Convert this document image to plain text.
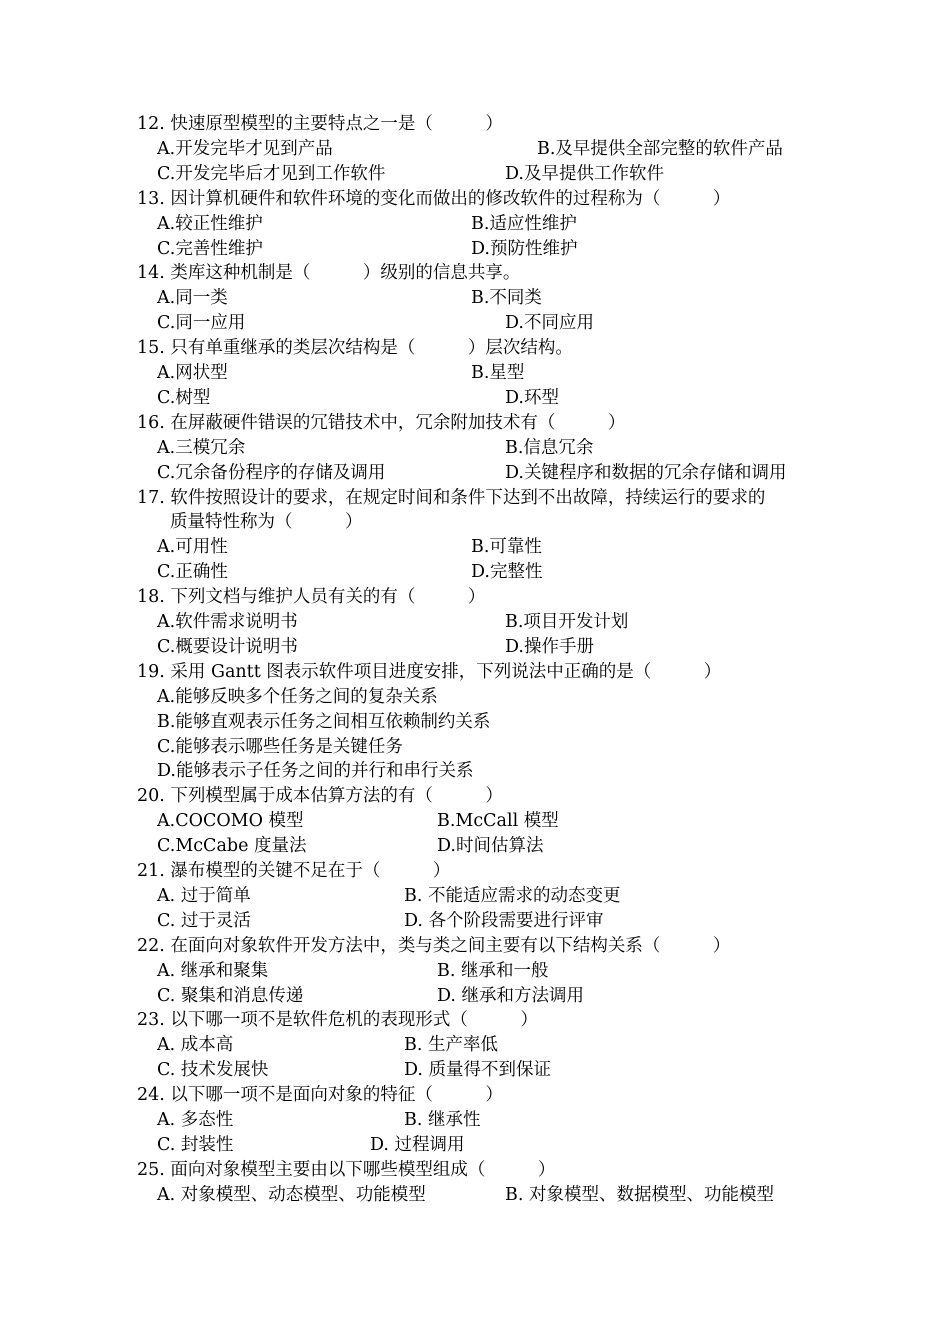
12. 快速原型模型的主要特点之一是（　　　）
A.开发完毕才见到产品	B.及早提供全部完整的软件产品
C.开发完毕后才见到工作软件	D.及早提供工作软件
13. 因计算机硬件和软件环境的变化而做出的修改软件的过程称为（　　　）
A.较正性维护	B.适应性维护
C.完善性维护	D.预防性维护
14. 类库这种机制是（　　　）级别的信息共享。
A.同一类	B.不同类
C.同一应用	D.不同应用
15. 只有单重继承的类层次结构是（　　　）层次结构。
A.网状型	B.星型
C.树型	D.环型
16. 在屏蔽硬件错误的冗错技术中，冗余附加技术有（　　　）
A.三模冗余	B.信息冗余
C.冗余备份程序的存储及调用	D.关键程序和数据的冗余存储和调用
17. 软件按照设计的要求，在规定时间和条件下达到不出故障，持续运行的要求的
质量特性称为（　　　）
A.可用性	B.可靠性
C.正确性	D.完整性
18. 下列文档与维护人员有关的有（　　　）
A.软件需求说明书	B.项目开发计划
C.概要设计说明书	D.操作手册
19. 采用 Gantt 图表示软件项目进度安排，下列说法中正确的是（　　　）
A.能够反映多个任务之间的复杂关系
B.能够直观表示任务之间相互依赖制约关系
C.能够表示哪些任务是关键任务
D.能够表示子任务之间的并行和串行关系
20. 下列模型属于成本估算方法的有（　　　）
A.COCOMO 模型	B.McCall 模型
C.McCabe 度量法	D.时间估算法
21. 瀑布模型的关键不足在于（　　　）
A. 过于简单	B. 不能适应需求的动态变更
C. 过于灵活	D. 各个阶段需要进行评审
22. 在面向对象软件开发方法中，类与类之间主要有以下结构关系（　　　）
A. 继承和聚集	B. 继承和一般
C. 聚集和消息传递	D. 继承和方法调用
23. 以下哪一项不是软件危机的表现形式（　　　）
A. 成本高	B. 生产率低
C. 技术发展快	D. 质量得不到保证
24. 以下哪一项不是面向对象的特征（　　　）
A. 多态性	B. 继承性
C. 封装性	D. 过程调用
25. 面向对象模型主要由以下哪些模型组成（　　　）
A. 对象模型、动态模型、功能模型	B. 对象模型、数据模型、功能模型
